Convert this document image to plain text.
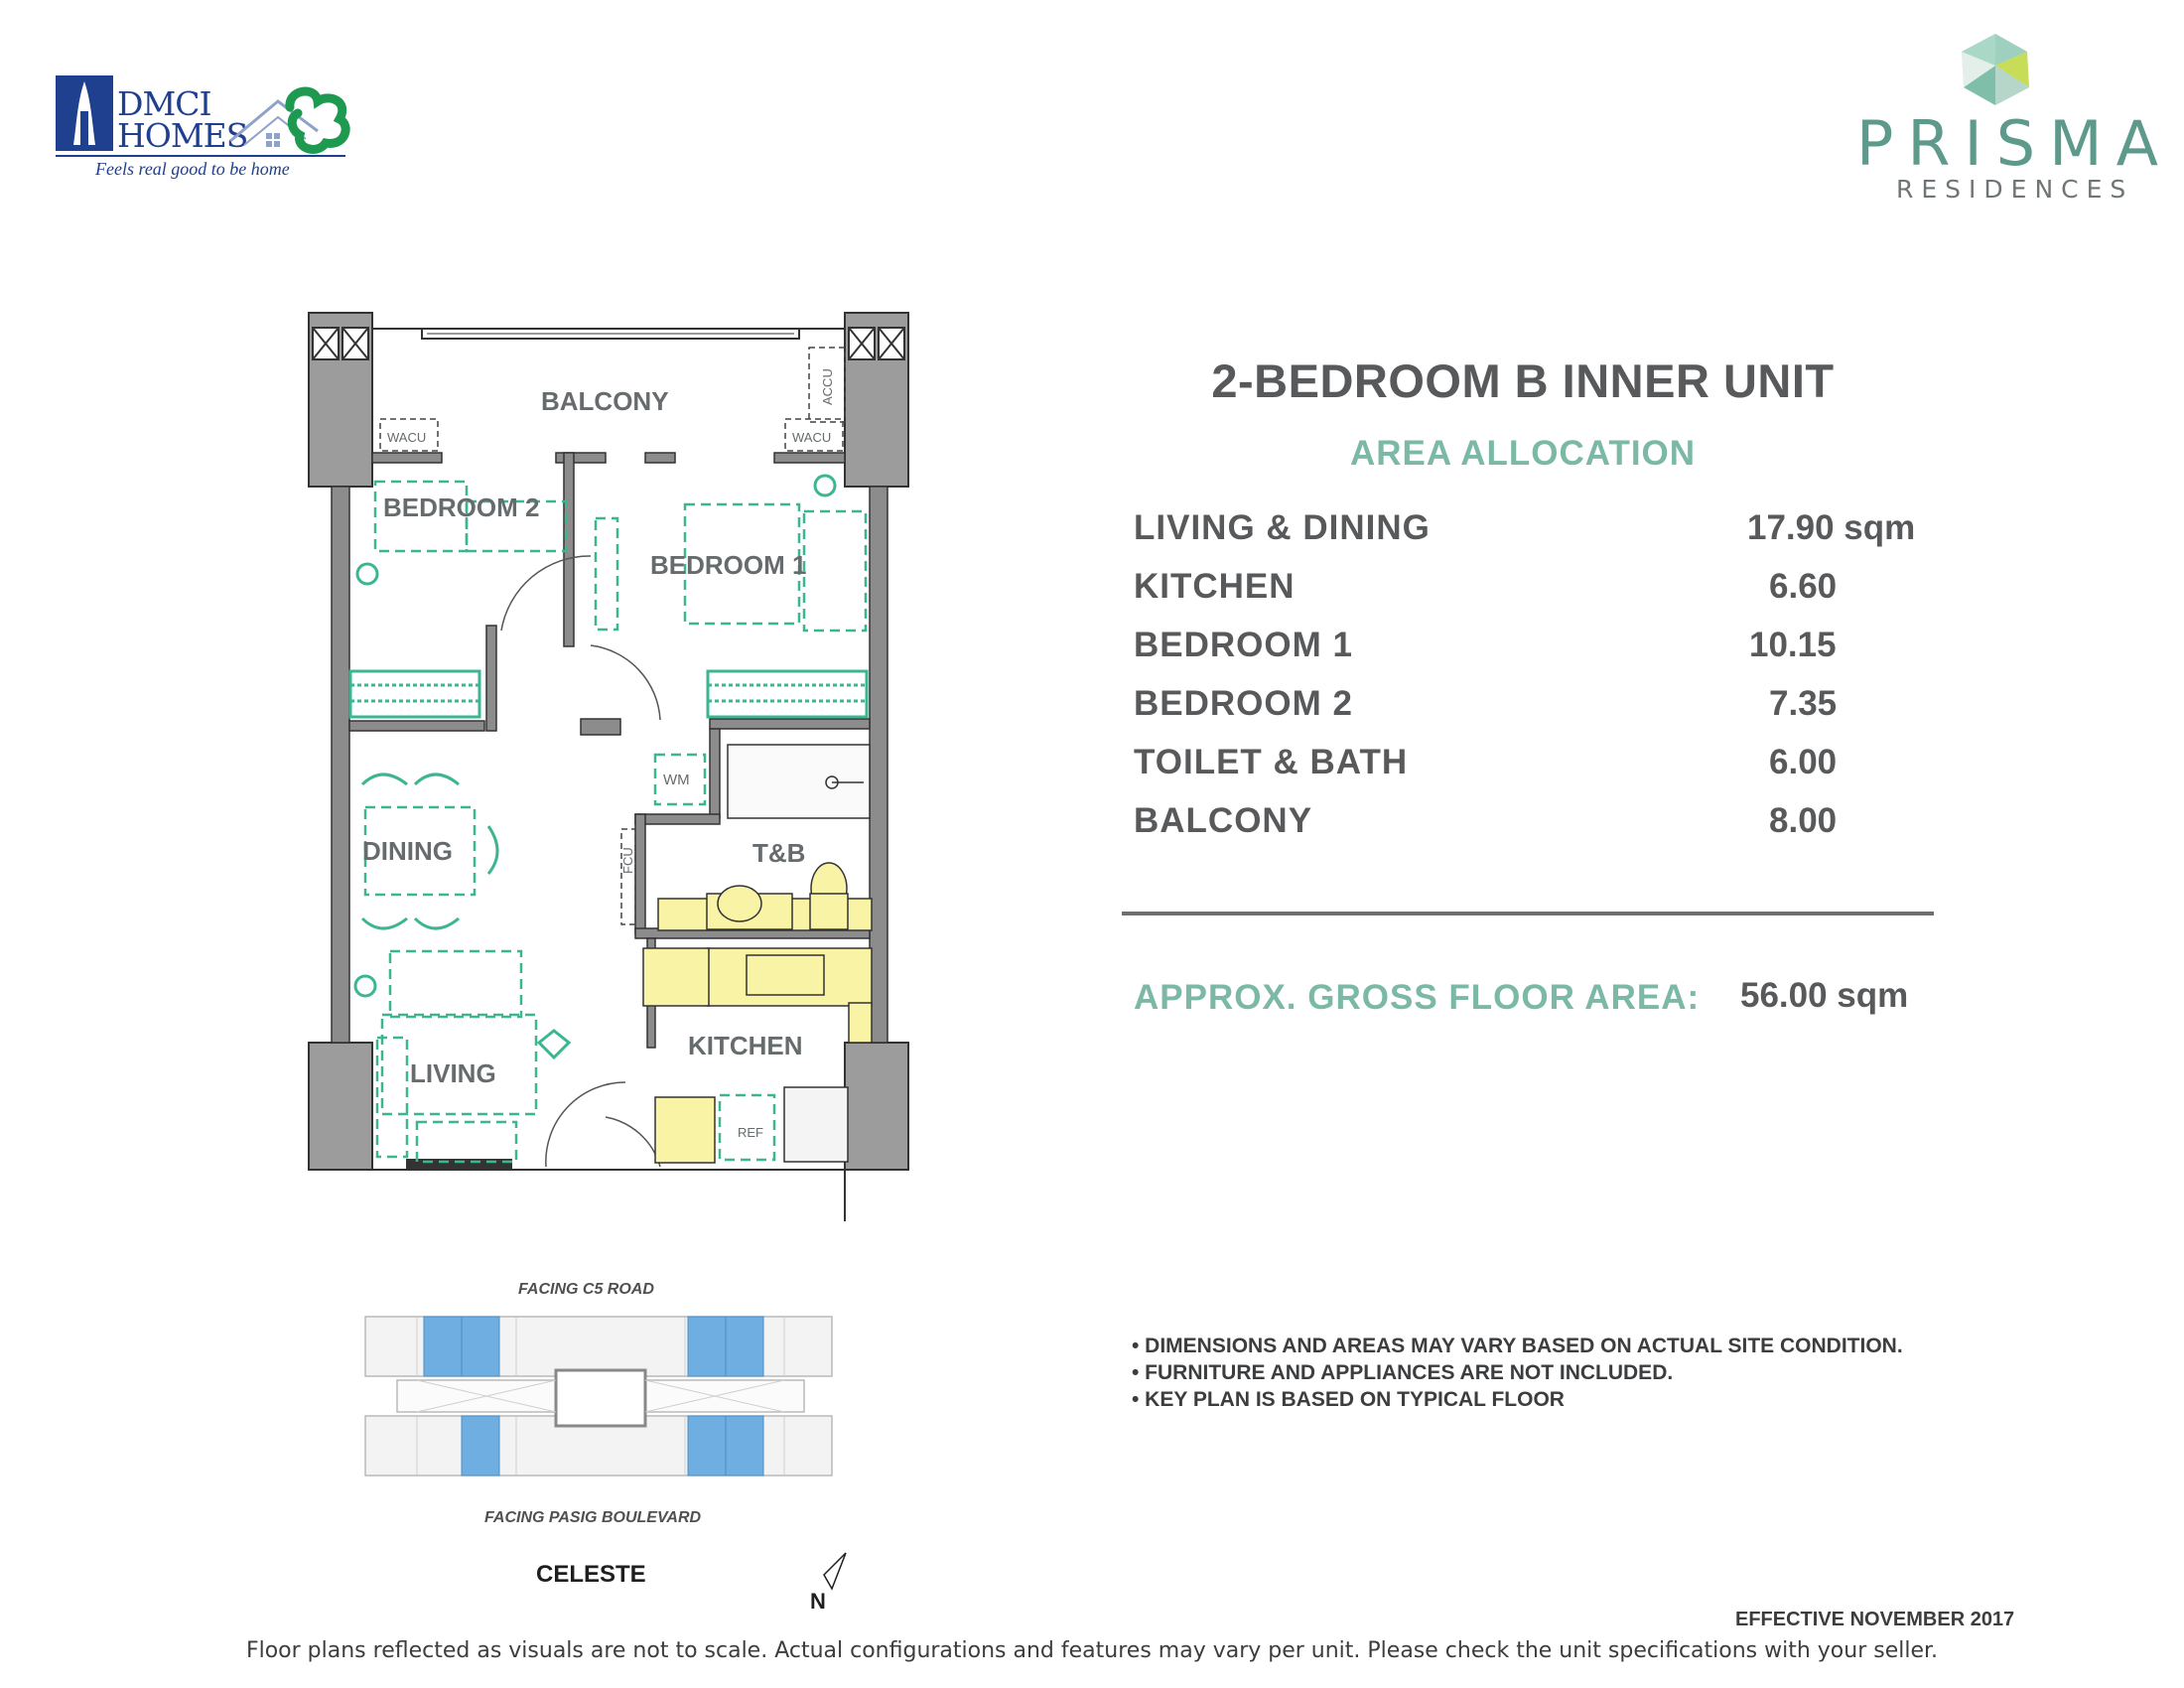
DMCI
HOMES
Feels real good to be home	PRISMA
RESIDENCES
BALCONY
BEDROOM 2
BEDROOM 1
DINING	T&B
LIVING
KITCHEN
WACU	WACU
ACCU
WM
FCU
REF
2-BEDROOM B INNER UNIT
AREA ALLOCATION
LIVING & DINING	17.90 sqm
KITCHEN	6.60
BEDROOM 1	10.15
BEDROOM 2	7.35
TOILET & BATH	6.00
BALCONY	8.00
APPROX. GROSS FLOOR AREA: 56.00 sqm
• DIMENSIONS AND AREAS MAY VARY BASED ON ACTUAL SITE CONDITION.
• FURNITURE AND APPLIANCES ARE NOT INCLUDED.
• KEY PLAN IS BASED ON TYPICAL FLOOR
FACING C5 ROAD
FACING PASIG BOULEVARD
CELESTE
N
EFFECTIVE NOVEMBER 2017
Floor plans reflected as visuals are not to scale. Actual configurations and features may vary per unit. Please check the unit specifications with your seller.
